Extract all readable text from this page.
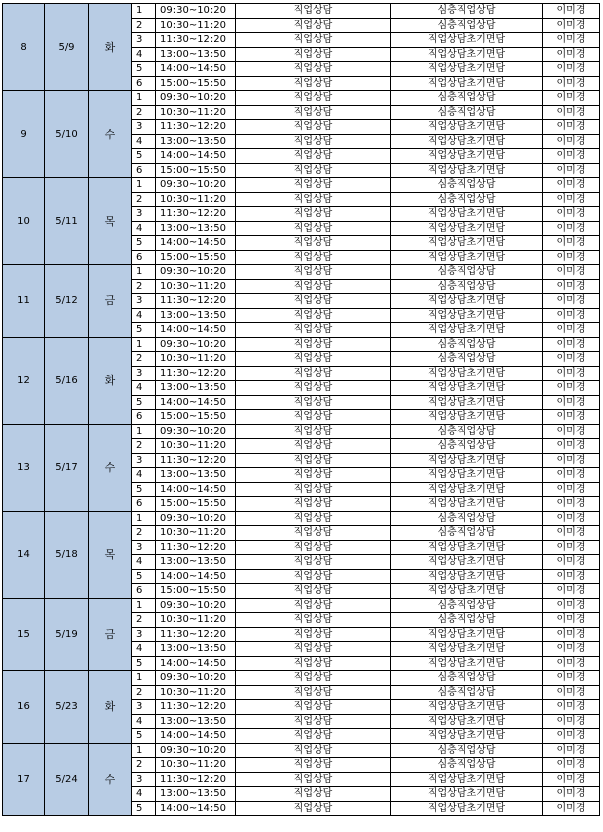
8	5/9	화	1	09:30~10:20	직업상담	심층직업상담	이미경
			2	10:30~11:20	직업상담	심층직업상담	이미경
			3	11:30~12:20	직업상담	직업상담초기면담	이미경
			4	13:00~13:50	직업상담	직업상담초기면담	이미경
			5	14:00~14:50	직업상담	직업상담초기면담	이미경
			6	15:00~15:50	직업상담	직업상담초기면담	이미경
9	5/10	수	1	09:30~10:20	직업상담	심층직업상담	이미경
			2	10:30~11:20	직업상담	심층직업상담	이미경
			3	11:30~12:20	직업상담	직업상담초기면담	이미경
			4	13:00~13:50	직업상담	직업상담초기면담	이미경
			5	14:00~14:50	직업상담	직업상담초기면담	이미경
			6	15:00~15:50	직업상담	직업상담초기면담	이미경
10	5/11	목	1	09:30~10:20	직업상담	심층직업상담	이미경
			2	10:30~11:20	직업상담	심층직업상담	이미경
			3	11:30~12:20	직업상담	직업상담초기면담	이미경
			4	13:00~13:50	직업상담	직업상담초기면담	이미경
			5	14:00~14:50	직업상담	직업상담초기면담	이미경
			6	15:00~15:50	직업상담	직업상담초기면담	이미경
11	5/12	금	1	09:30~10:20	직업상담	심층직업상담	이미경
			2	10:30~11:20	직업상담	심층직업상담	이미경
			3	11:30~12:20	직업상담	직업상담초기면담	이미경
			4	13:00~13:50	직업상담	직업상담초기면담	이미경
			5	14:00~14:50	직업상담	직업상담초기면담	이미경
12	5/16	화	1	09:30~10:20	직업상담	심층직업상담	이미경
			2	10:30~11:20	직업상담	심층직업상담	이미경
			3	11:30~12:20	직업상담	직업상담초기면담	이미경
			4	13:00~13:50	직업상담	직업상담초기면담	이미경
			5	14:00~14:50	직업상담	직업상담초기면담	이미경
			6	15:00~15:50	직업상담	직업상담초기면담	이미경
13	5/17	수	1	09:30~10:20	직업상담	심층직업상담	이미경
			2	10:30~11:20	직업상담	심층직업상담	이미경
			3	11:30~12:20	직업상담	직업상담초기면담	이미경
			4	13:00~13:50	직업상담	직업상담초기면담	이미경
			5	14:00~14:50	직업상담	직업상담초기면담	이미경
			6	15:00~15:50	직업상담	직업상담초기면담	이미경
14	5/18	목	1	09:30~10:20	직업상담	심층직업상담	이미경
			2	10:30~11:20	직업상담	심층직업상담	이미경
			3	11:30~12:20	직업상담	직업상담초기면담	이미경
			4	13:00~13:50	직업상담	직업상담초기면담	이미경
			5	14:00~14:50	직업상담	직업상담초기면담	이미경
			6	15:00~15:50	직업상담	직업상담초기면담	이미경
15	5/19	금	1	09:30~10:20	직업상담	심층직업상담	이미경
			2	10:30~11:20	직업상담	심층직업상담	이미경
			3	11:30~12:20	직업상담	직업상담초기면담	이미경
			4	13:00~13:50	직업상담	직업상담초기면담	이미경
			5	14:00~14:50	직업상담	직업상담초기면담	이미경
16	5/23	화	1	09:30~10:20	직업상담	심층직업상담	이미경
			2	10:30~11:20	직업상담	심층직업상담	이미경
			3	11:30~12:20	직업상담	직업상담초기면담	이미경
			4	13:00~13:50	직업상담	직업상담초기면담	이미경
			5	14:00~14:50	직업상담	직업상담초기면담	이미경
17	5/24	수	1	09:30~10:20	직업상담	심층직업상담	이미경
			2	10:30~11:20	직업상담	심층직업상담	이미경
			3	11:30~12:20	직업상담	직업상담초기면담	이미경
			4	13:00~13:50	직업상담	직업상담초기면담	이미경
			5	14:00~14:50	직업상담	직업상담초기면담	이미경
